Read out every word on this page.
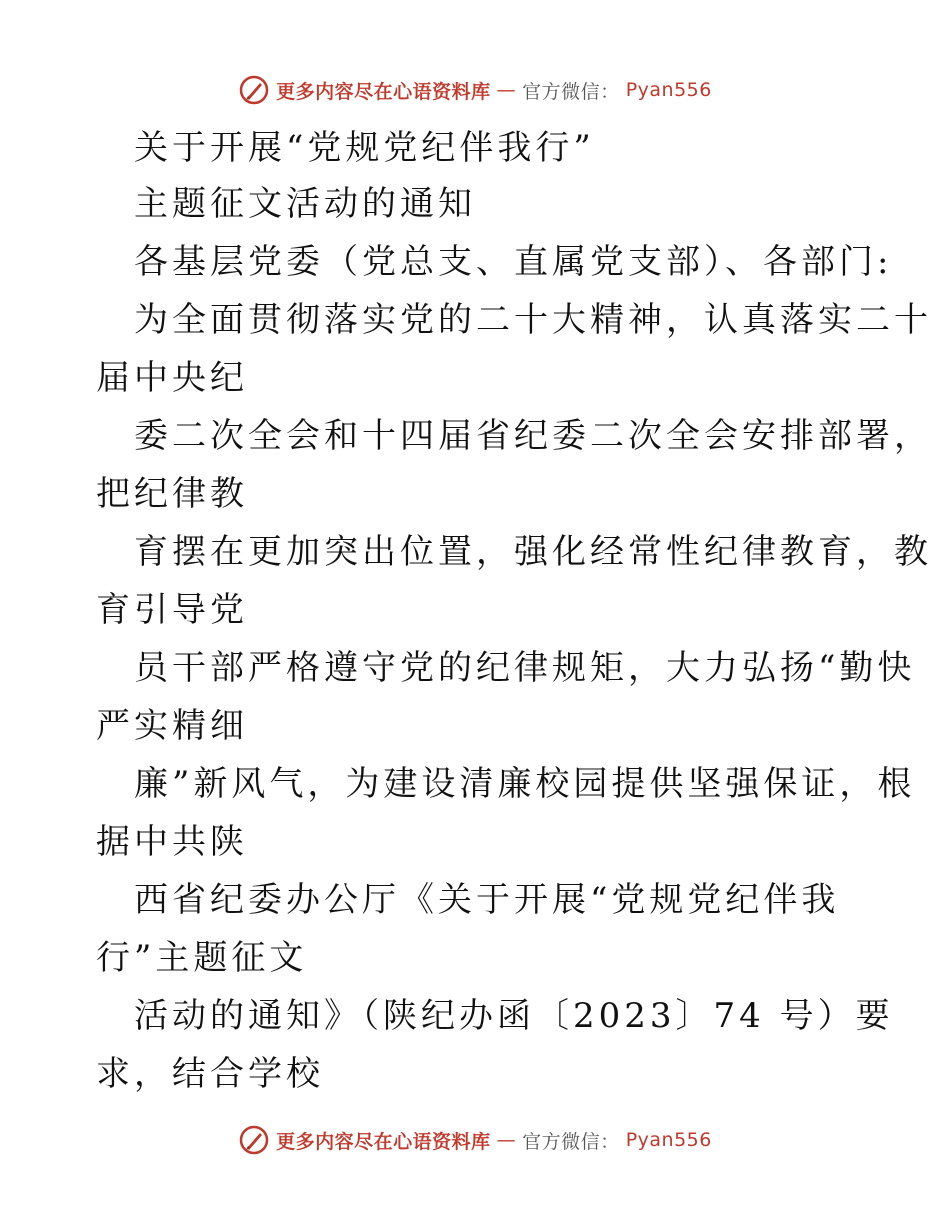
更多内容尽在心语资料库 — 官方微信： Pyan556
关于开展“党规党纪伴我行”
主题征文活动的通知
各基层党委（党总支、直属党支部）、各部门:
为全面贯彻落实党的二十大精神，认真落实二十
届中央纪
委二次全会和十四届省纪委二次全会安排部署，
把纪律教
育摆在更加突出位置，强化经常性纪律教育，教
育引导党
员干部严格遵守党的纪律规矩，大力弘扬“勤快
严实精细
廉”新风气，为建设清廉校园提供坚强保证，根
据中共陕
西省纪委办公厅《关于开展“党规党纪伴我
行”主题征文
活动的通知》（陕纪办函〔2023〕74 号）要
求，结合学校
更多内容尽在心语资料库 — 官方微信： Pyan556
